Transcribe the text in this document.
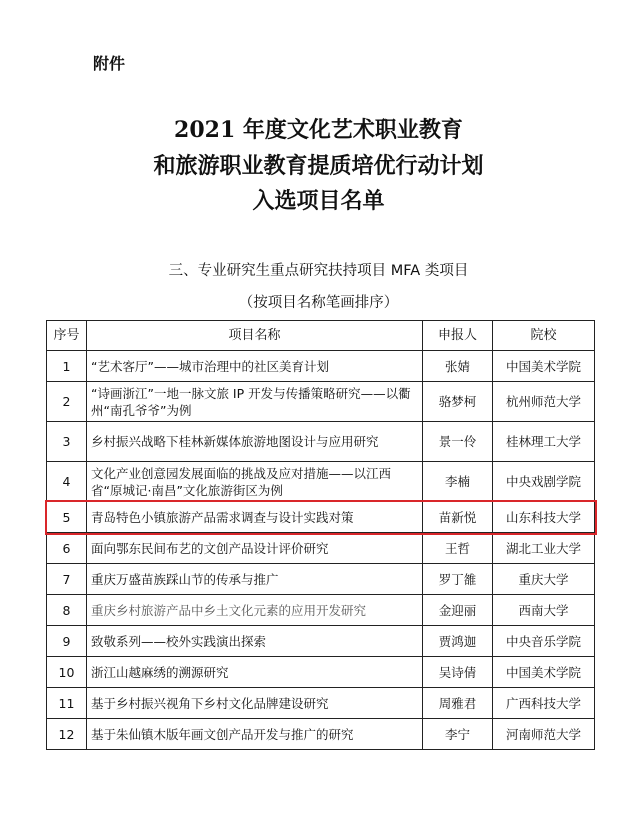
附件
2021 年度文化艺术职业教育
和旅游职业教育提质培优行动计划
入选项目名单
三、专业研究生重点研究扶持项目 MFA 类项目
（按项目名称笔画排序）
序号	项目名称	申报人	院校
1	“艺术客厅”——城市治理中的社区美育计划	张婧	中国美术学院
2	“诗画浙江”一地一脉文旅 IP 开发与传播策略研究——以衢州“南孔爷爷”为例	骆梦柯	杭州师范大学
3	乡村振兴战略下桂林新媒体旅游地图设计与应用研究	景一伶	桂林理工大学
4	文化产业创意园发展面临的挑战及应对措施——以江西省“原城记·南昌”文化旅游街区为例	李楠	中央戏剧学院
5	青岛特色小镇旅游产品需求调查与设计实践对策	苗新悦	山东科技大学
6	面向鄂东民间布艺的文创产品设计评价研究	王哲	湖北工业大学
7	重庆万盛苗族踩山节的传承与推广	罗丁雒	重庆大学
8	重庆乡村旅游产品中乡土文化元素的应用开发研究	金迎丽	西南大学
9	致敬系列——校外实践演出探索	贾鸿迦	中央音乐学院
10	浙江山越麻绣的溯源研究	吴诗倩	中国美术学院
11	基于乡村振兴视角下乡村文化品牌建设研究	周雅君	广西科技大学
12	基于朱仙镇木版年画文创产品开发与推广的研究	李宁	河南师范大学
